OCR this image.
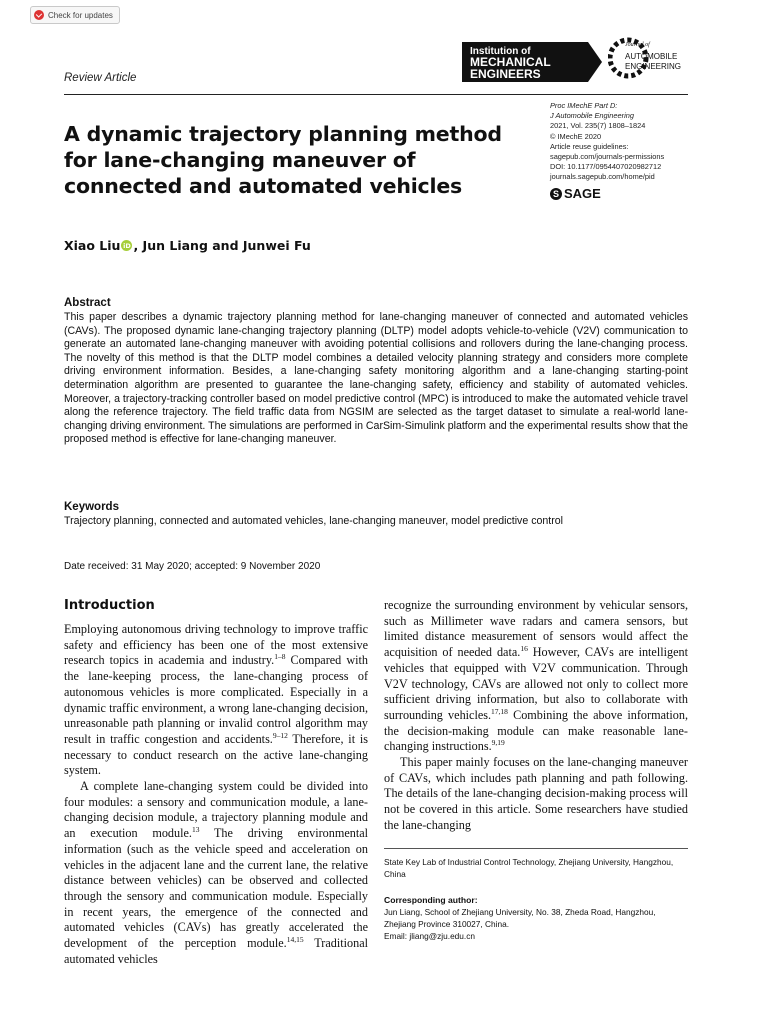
Check for updates
Review Article
Institution of
MECHANICAL
ENGINEERS
Journal of
AUTOMOBILE
ENGINEERING
A dynamic trajectory planning method for lane-changing maneuver of connected and automated vehicles
Proc IMechE Part D:
J Automobile Engineering
2021, Vol. 235(7) 1808–1824
© IMechE 2020
Article reuse guidelines:
sagepub.com/journals-permissions
DOI: 10.1177/0954407020982712
journals.sagepub.com/home/pid
S SAGE
Xiao Liu iD , Jun Liang and Junwei Fu
Abstract
This paper describes a dynamic trajectory planning method for lane-changing maneuver of connected and automated vehicles (CAVs). The proposed dynamic lane-changing trajectory planning (DLTP) model adopts vehicle-to-vehicle (V2V) communication to generate an automated lane-changing maneuver with avoiding potential collisions and rollovers during the lane-changing process. The novelty of this method is that the DLTP model combines a detailed velocity planning strategy and considers more complete driving environment information. Besides, a lane-changing safety monitoring algorithm and a lane-changing starting-point determination algorithm are presented to guarantee the lane-changing safety, efficiency and stability of automated vehicles. Moreover, a trajectory-tracking controller based on model predictive control (MPC) is introduced to make the automated vehicle travel along the reference trajectory. The field traffic data from NGSIM are selected as the target dataset to simulate a real-world lane-changing driving environment. The simulations are performed in CarSim-Simulink platform and the experimental results show that the proposed method is effective for lane-changing maneuver.
Keywords
Trajectory planning, connected and automated vehicles, lane-changing maneuver, model predictive control
Date received: 31 May 2020; accepted: 9 November 2020
Introduction

Employing autonomous driving technology to improve traffic safety and efficiency has been one of the most extensive research topics in academia and industry.$^{1-8}$ Compared with the lane-keeping process, the lane-changing process of autonomous vehicles is more complicated. Especially in a dynamic traffic environment, a wrong lane-changing decision, unreasonable path planning or invalid control algorithm may result in traffic congestion and accidents.$^{9-12}$ Therefore, it is necessary to conduct research on the active lane-changing system.

A complete lane-changing system could be divided into four modules: a sensory and communication module, a lane-changing decision module, a trajectory planning module and an execution module.$^{13}$ The driving environmental information (such as the vehicle speed and acceleration on vehicles in the adjacent lane and the current lane, the relative distance between vehicles) can be observed and collected through the sensory and communication module. Especially in recent years, the emergence of the connected and automated vehicles (CAVs) has greatly accelerated the development of the perception module.$^{14,15}$ Traditional automated vehicles

recognize the surrounding environment by vehicular sensors, such as Millimeter wave radars and camera sensors, but limited distance measurement of sensors would affect the acquisition of needed data.$^{16}$ However, CAVs are intelligent vehicles that equipped with V2V communication. Through V2V technology, CAVs are allowed not only to collect more sufficient driving information, but also to collaborate with surrounding vehicles.$^{17,18}$ Combining the above information, the decision-making module can make reasonable lane-changing instructions.$^{9,19}$

This paper mainly focuses on the lane-changing maneuver of CAVs, which includes path planning and path following. The details of the lane-changing decision-making process will not be covered in this article. Some researchers have studied the lane-changing

State Key Lab of Industrial Control Technology, Zhejiang University, Hangzhou, China
Corresponding author:
Jun Liang, School of Zhejiang University, No. 38, Zheda Road, Hangzhou, Zhejiang Province 310027, China.
Email: jliang@zju.edu.cn
